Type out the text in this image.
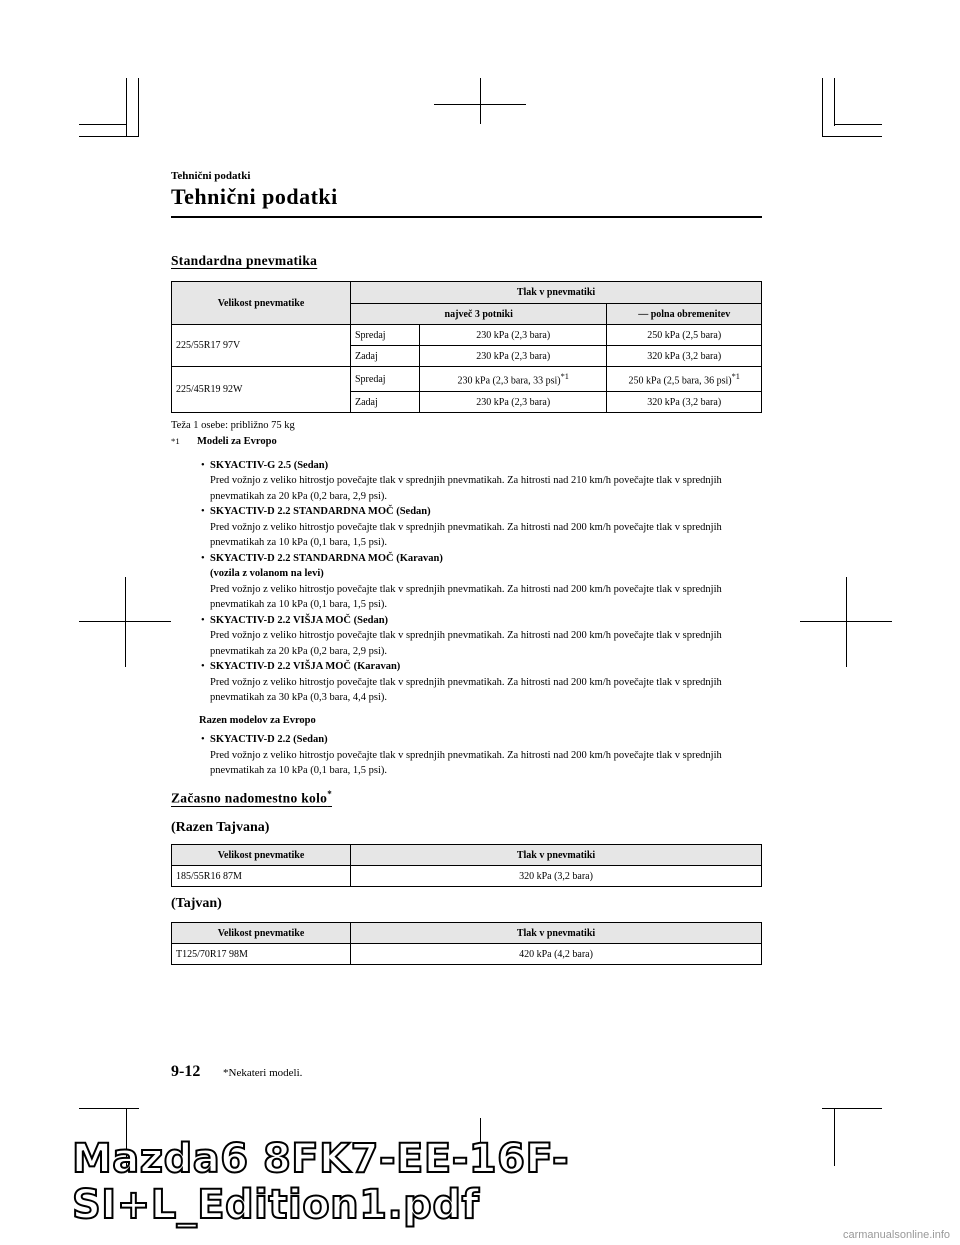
Tehnični podatki
Tehnični podatki
Standardna pnevmatika
Velikost pnevmatike	Tlak v pnevmatiki		
	največ 3 potniki		— polna obremenitev
225/55R17 97V	Spredaj	230 kPa (2,3 bara)	250 kPa (2,5 bara)
	Zadaj	230 kPa (2,3 bara)	320 kPa (3,2 bara)
225/45R19 92W	Spredaj	230 kPa (2,3 bara, 33 psi)$^{*1}$	250 kPa (2,5 bara, 36 psi)$^{*1}$
	Zadaj	230 kPa (2,3 bara)	320 kPa (3,2 bara)
Teža 1 osebe: približno 75 kg
$^{*1}$ Modeli za Evropo
• SKYACTIV-G 2.5 (Sedan)
Pred vožnjo z veliko hitrostjo povečajte tlak v sprednjih pnevmatikah. Za hitrosti nad 210 km/h povečajte tlak v sprednjih pnevmatikah za 20 kPa (0,2 bara, 2,9 psi).
• SKYACTIV-D 2.2 STANDARDNA MOČ (Sedan)
Pred vožnjo z veliko hitrostjo povečajte tlak v sprednjih pnevmatikah. Za hitrosti nad 200 km/h povečajte tlak v sprednjih pnevmatikah za 10 kPa (0,1 bara, 1,5 psi).
• SKYACTIV-D 2.2 STANDARDNA MOČ (Karavan)
(vozila z volanom na levi)
Pred vožnjo z veliko hitrostjo povečajte tlak v sprednjih pnevmatikah. Za hitrosti nad 200 km/h povečajte tlak v sprednjih pnevmatikah za 10 kPa (0,1 bara, 1,5 psi).
• SKYACTIV-D 2.2 VIŠJA MOČ (Sedan)
Pred vožnjo z veliko hitrostjo povečajte tlak v sprednjih pnevmatikah. Za hitrosti nad 200 km/h povečajte tlak v sprednjih pnevmatikah za 20 kPa (0,2 bara, 2,9 psi).
• SKYACTIV-D 2.2 VIŠJA MOČ (Karavan)
Pred vožnjo z veliko hitrostjo povečajte tlak v sprednjih pnevmatikah. Za hitrosti nad 200 km/h povečajte tlak v sprednjih pnevmatikah za 30 kPa (0,3 bara, 4,4 psi).
Razen modelov za Evropo
• SKYACTIV-D 2.2 (Sedan)
Pred vožnjo z veliko hitrostjo povečajte tlak v sprednjih pnevmatikah. Za hitrosti nad 200 km/h povečajte tlak v sprednjih pnevmatikah za 10 kPa (0,1 bara, 1,5 psi).
Začasno nadomestno kolo*
(Razen Tajvana)
Velikost pnevmatike	Tlak v pnevmatiki
185/55R16 87M	320 kPa (3,2 bara)
(Tajvan)
Velikost pnevmatike	Tlak v pnevmatiki
T125/70R17 98M	420 kPa (4,2 bara)
9-12 *Nekateri modeli.
Mazda6 8FK7-EE-16F-SI+L_Edition1.pdf
carmanualsonline.info
